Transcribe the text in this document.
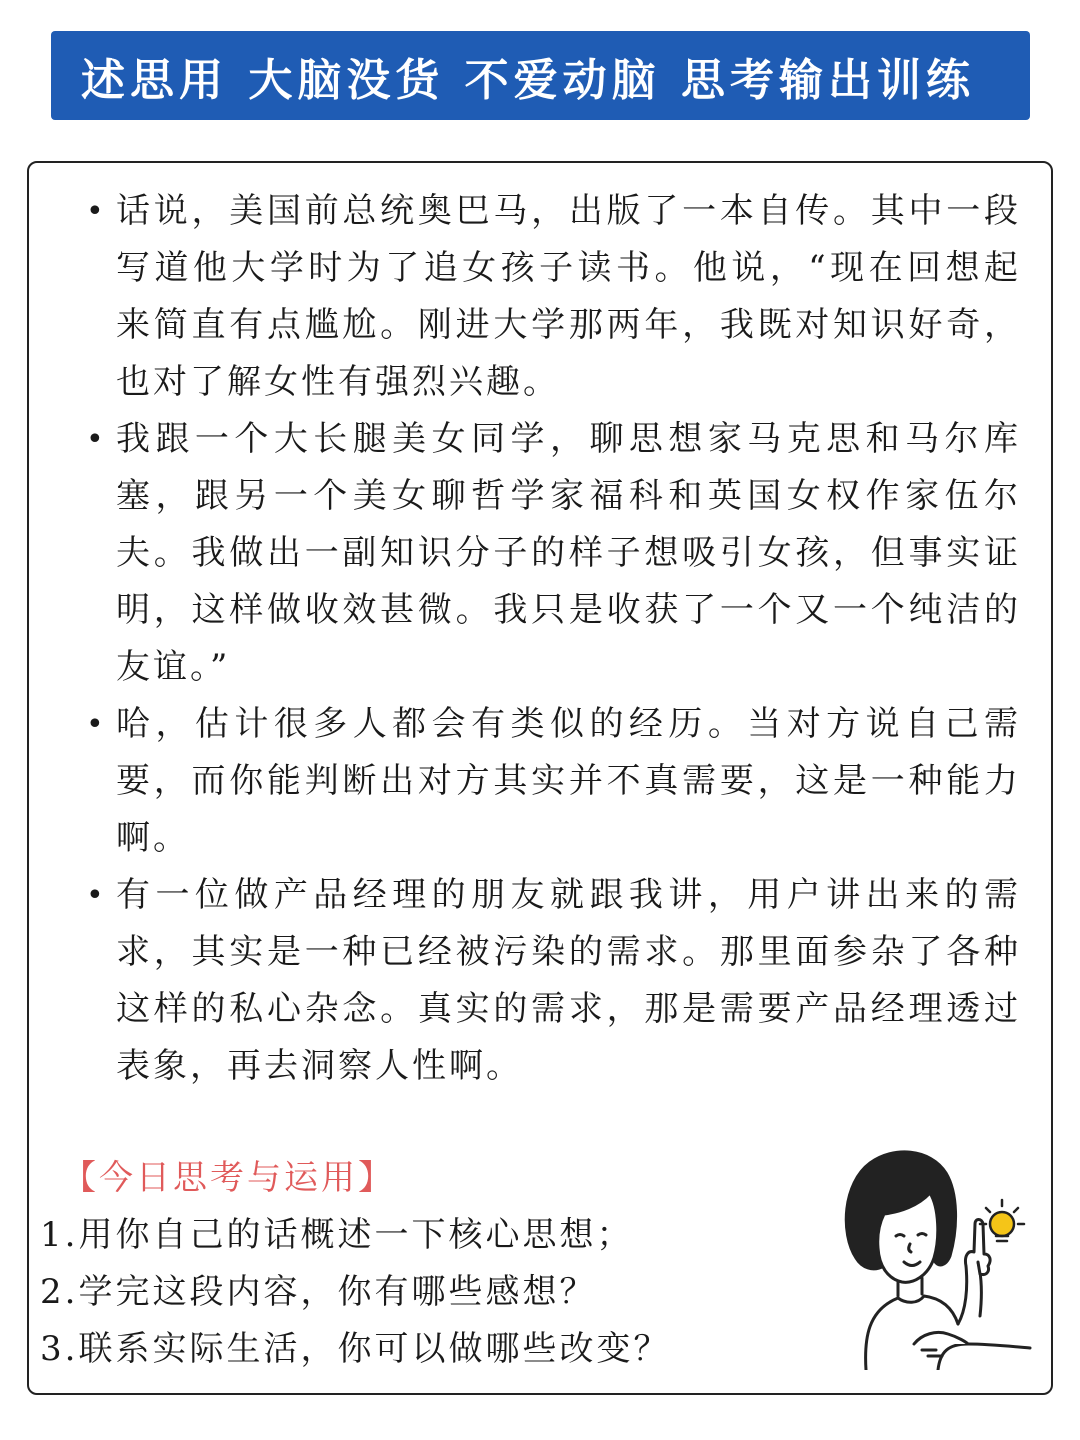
述思用 大脑没货 不爱动脑 思考输出训练
• 话说，美国前总统奥巴马，出版了一本自传。其中一段写道他大学时为了追女孩子读书。他说，“现在回想起来简直有点尴尬。刚进大学那两年，我既对知识好奇，也对了解女性有强烈兴趣。
• 我跟一个大长腿美女同学，聊思想家马克思和马尔库塞，跟另一个美女聊哲学家福科和英国女权作家伍尔夫。我做出一副知识分子的样子想吸引女孩，但事实证明，这样做收效甚微。我只是收获了一个又一个纯洁的友谊。”
• 哈，估计很多人都会有类似的经历。当对方说自己需要，而你能判断出对方其实并不真需要，这是一种能力啊。
• 有一位做产品经理的朋友就跟我讲，用户讲出来的需求，其实是一种已经被污染的需求。那里面参杂了各种这样的私心杂念。真实的需求，那是需要产品经理透过表象，再去洞察人性啊。
【今日思考与运用】
1.用你自己的话概述一下核心思想；
2.学完这段内容，你有哪些感想？
3.联系实际生活，你可以做哪些改变？
